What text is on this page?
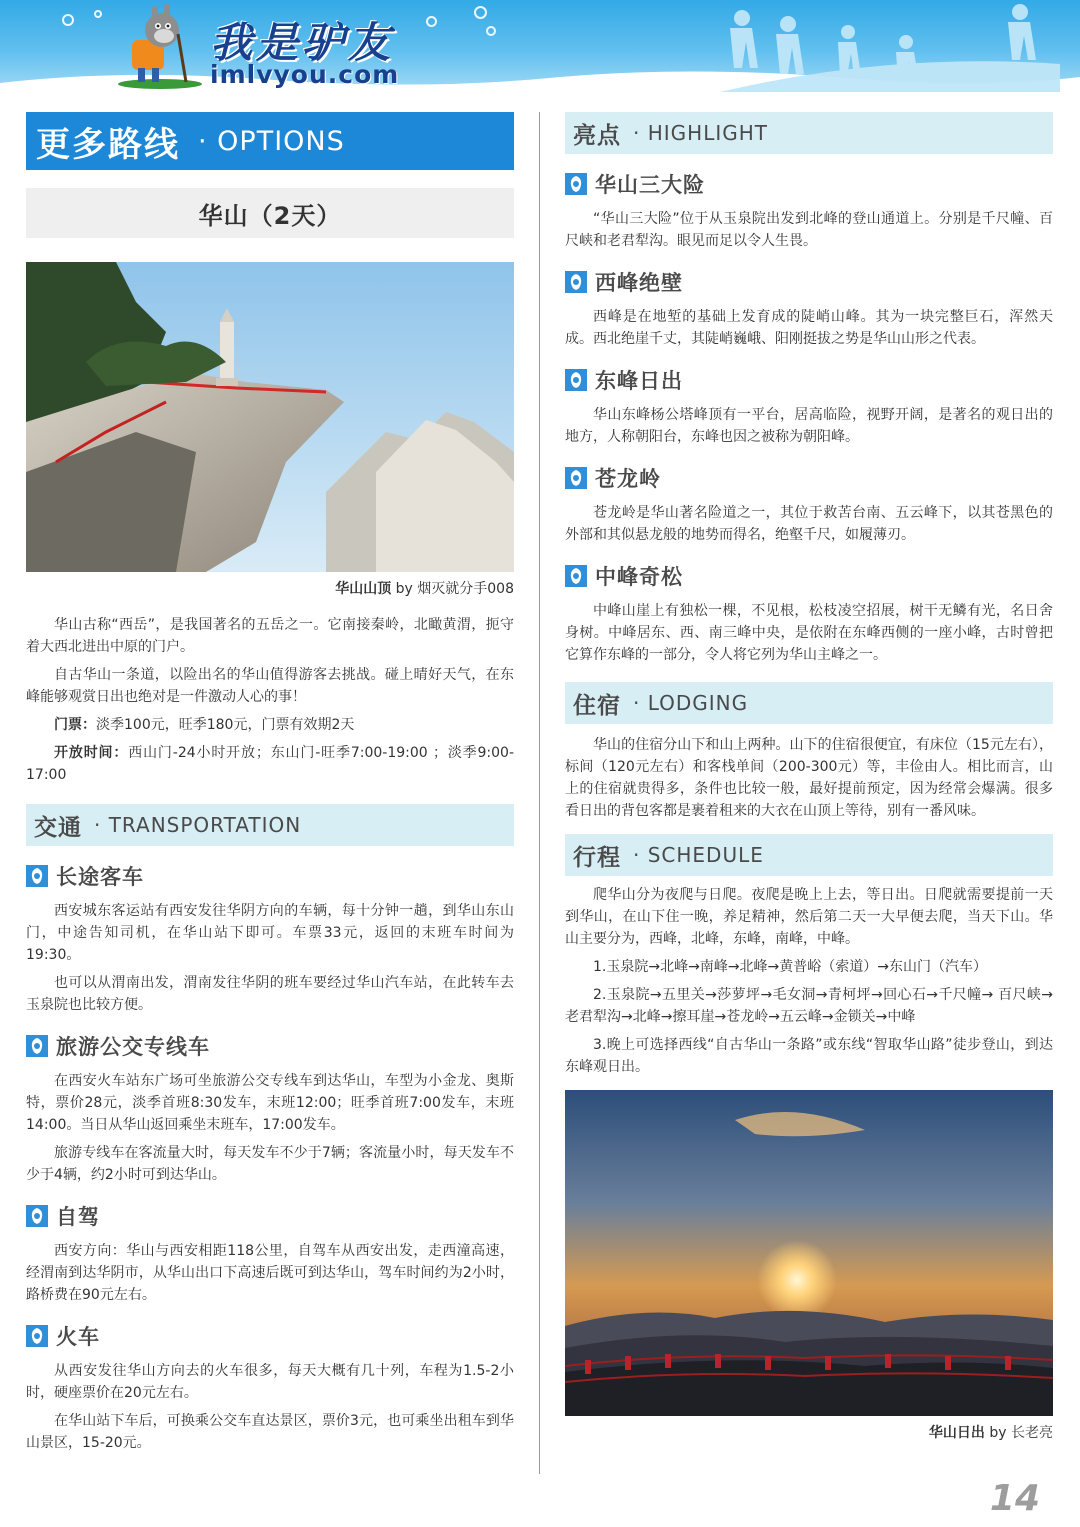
我是驴友
imlvyou.com
更多路线 · OPTIONS
华山（2天）
华山山顶 by 烟灭就分手008

华山古称“西岳”，是我国著名的五岳之一。它南接秦岭，北瞰黄渭，扼守着大西北进出中原的门户。

自古华山一条道，以险出名的华山值得游客去挑战。碰上晴好天气，在东峰能够观赏日出也绝对是一件激动人心的事！

门票：淡季100元，旺季180元，门票有效期2天

开放时间：西山门-24小时开放；东山门-旺季7:00-19:00 ；淡季9:00-17:00

交通 · TRANSPORTATION
长途客车

西安城东客运站有西安发往华阴方向的车辆，每十分钟一趟，到华山东山门，中途告知司机，在华山站下即可。车票33元，返回的末班车时间为19:30。

也可以从渭南出发，渭南发往华阴的班车要经过华山汽车站，在此转车去玉泉院也比较方便。

旅游公交专线车

在西安火车站东广场可坐旅游公交专线车到达华山，车型为小金龙、奥斯特，票价28元，淡季首班8:30发车，末班12:00；旺季首班7:00发车，末班14:00。当日从华山返回乘坐末班车，17:00发车。

旅游专线车在客流量大时，每天发车不少于7辆；客流量小时，每天发车不少于4辆，约2小时可到达华山。

自驾

西安方向：华山与西安相距118公里，自驾车从西安出发，走西潼高速，经渭南到达华阴市，从华山出口下高速后既可到达华山，驾车时间约为2小时，路桥费在90元左右。

火车

从西安发往华山方向去的火车很多，每天大概有几十列，车程为1.5-2小时，硬座票价在20元左右。

在华山站下车后，可换乘公交车直达景区，票价3元，也可乘坐出租车到华山景区，15-20元。

亮点 · HIGHLIGHT
华山三大险

“华山三大险”位于从玉泉院出发到北峰的登山通道上。分别是千尺幢、百尺峡和老君犁沟。眼见而足以令人生畏。

西峰绝壁

西峰是在地堑的基础上发育成的陡峭山峰。其为一块完整巨石，浑然天成。西北绝崖千丈，其陡峭巍峨、阳刚挺拔之势是华山山形之代表。

东峰日出

华山东峰杨公塔峰顶有一平台，居高临险，视野开阔，是著名的观日出的地方，人称朝阳台，东峰也因之被称为朝阳峰。

苍龙岭

苍龙岭是华山著名险道之一，其位于救苦台南、五云峰下，以其苍黑色的外部和其似悬龙般的地势而得名，绝壑千尺，如履薄刃。

中峰奇松

中峰山崖上有独松一棵，不见根，松枝凌空招展，树干无鳞有光，名日舍身树。中峰居东、西、南三峰中央，是依附在东峰西侧的一座小峰，古时曾把它算作东峰的一部分，令人将它列为华山主峰之一。

住宿 · LODGING

华山的住宿分山下和山上两种。山下的住宿很便宜，有床位（15元左右），标间（120元左右）和客栈单间（200-300元）等，丰俭由人。相比而言，山上的住宿就贵得多，条件也比较一般，最好提前预定，因为经常会爆满。很多看日出的背包客都是裹着租来的大衣在山顶上等待，别有一番风味。

行程 · SCHEDULE

爬华山分为夜爬与日爬。夜爬是晚上上去，等日出。日爬就需要提前一天到华山，在山下住一晚，养足精神，然后第二天一大早便去爬，当天下山。华山主要分为，西峰，北峰，东峰，南峰，中峰。

1.玉泉院→北峰→南峰→北峰→黄普峪（索道）→东山门（汽车）

2.玉泉院→五里关→莎萝坪→毛女洞→青柯坪→回心石→千尺幢→ 百尺峡→老君犁沟→北峰→擦耳崖→苍龙岭→五云峰→金锁关→中峰

3.晚上可选择西线“自古华山一条路”或东线“智取华山路”徒步登山，到达东峰观日出。

华山日出 by 长老亮
14
